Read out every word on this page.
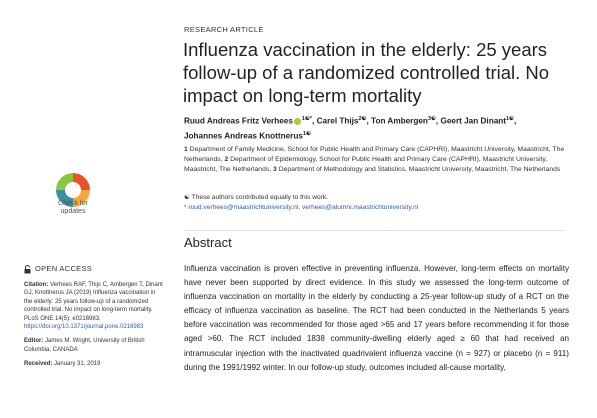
RESEARCH ARTICLE
Influenza vaccination in the elderly: 25 years follow-up of a randomized controlled trial. No impact on long-term mortality
Ruud Andreas Fritz Verhees $^{1☯*}$, Carel Thijs$^{2☯}$, Ton Ambergen$^{3☯}$, Geert Jan Dinant$^{1☯}$,
Johannes Andreas Knottnerus$^{1☯}$
1 Department of Family Medicine, School for Public Health and Primary Care (CAPHRI), Maastricht University, Maastricht, The Netherlands, 2 Department of Epidemiology, School for Public Health and Primary Care (CAPHRI), Maastricht University, Maastricht, The Netherlands, 3 Department of Methodology and Statistics, Maastricht University, Maastricht, The Netherlands
☯ These authors contributed equally to this work.
* ruud.verhees@maastrichtuniversity.nl, verhees@alumni.maastrichtuniversity.nl
Check for updates
OPEN ACCESS

Citation: Verhees RAF, Thijs C, Ambergen T, Dinant GJ, Knottnerus JA (2019) Influenza vaccination in the elderly: 25 years follow-up of a randomized controlled trial. No impact on long-term mortality. PLoS ONE 14(5): e0216983. https://doi.org/10.1371/journal.pone.0216983

Editor: James M. Wright, University of British Columbia, CANADA

Received: January 31, 2019

Abstract
Influenza vaccination is proven effective in preventing influenza. However, long-term effects on mortality have never been supported by direct evidence. In this study we assessed the long-term outcome of influenza vaccination on mortality in the elderly by conducting a 25-year follow-up study of a RCT on the efficacy of influenza vaccination as baseline. The RCT had been conducted in the Netherlands 5 years before vaccination was recommended for those aged >65 and 17 years before recommending it for those aged >60. The RCT included 1838 community-dwelling elderly aged ≥ 60 that had received an intramuscular injection with the inactivated quadrivalent influenza vaccine (n = 927) or placebo (n = 911) during the 1991/1992 winter. In our follow-up study, outcomes included all-cause mortality,
